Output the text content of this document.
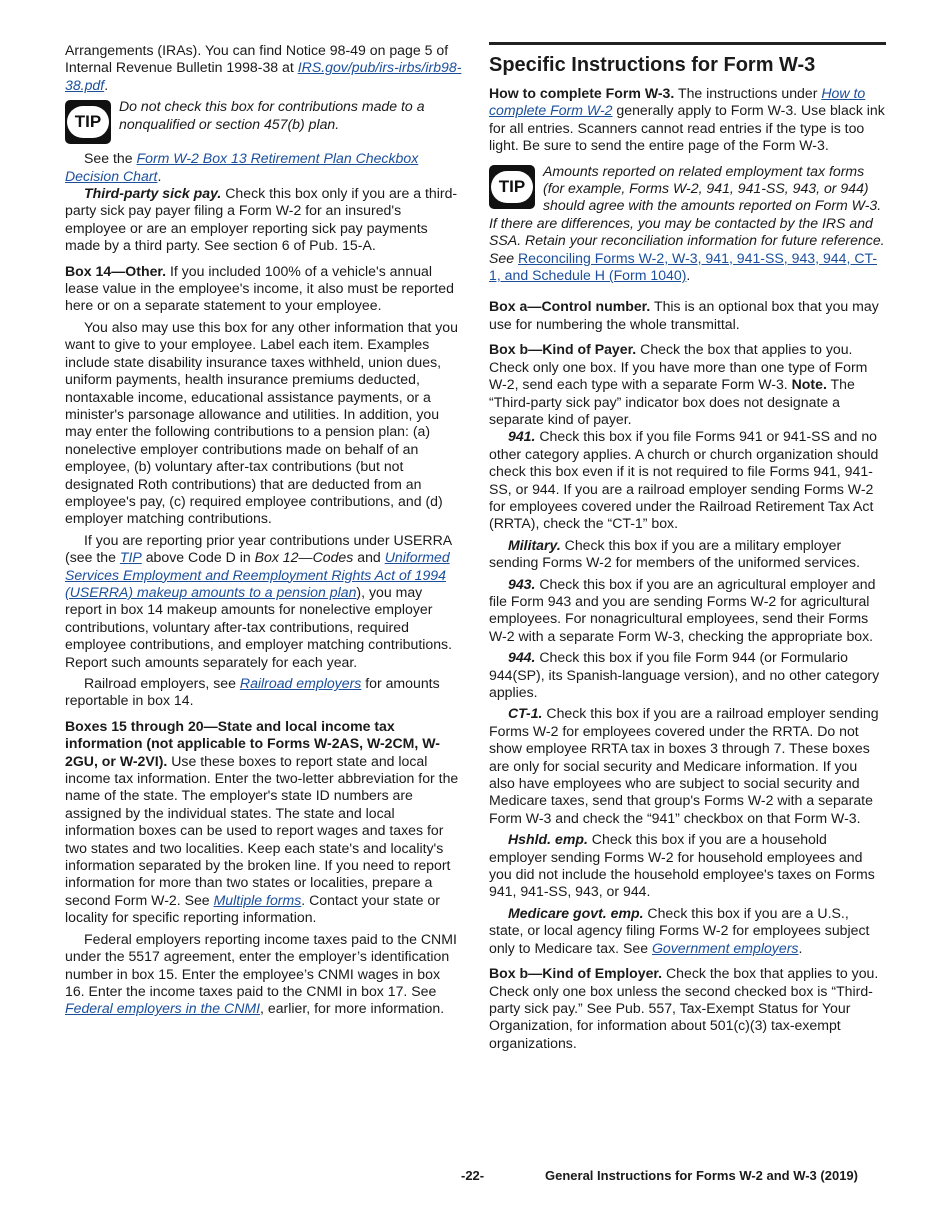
Arrangements (IRAs). You can find Notice 98-49 on page 5 of Internal Revenue Bulletin 1998-38 at IRS.gov/pub/irs-irbs/irb98-38.pdf.

TIP

Do not check this box for contributions made to a nonqualified or section 457(b) plan.

See the Form W-2 Box 13 Retirement Plan Checkbox Decision Chart.

Third-party sick pay. Check this box only if you are a third-party sick pay payer filing a Form W-2 for an insured's employee or are an employer reporting sick pay payments made by a third party. See section 6 of Pub. 15-A.

Box 14—Other. If you included 100% of a vehicle's annual lease value in the employee's income, it also must be reported here or on a separate statement to your employee.

You also may use this box for any other information that you want to give to your employee. Label each item. Examples include state disability insurance taxes withheld, union dues, uniform payments, health insurance premiums deducted, nontaxable income, educational assistance payments, or a minister's parsonage allowance and utilities. In addition, you may enter the following contributions to a pension plan: (a) nonelective employer contributions made on behalf of an employee, (b) voluntary after-tax contributions (but not designated Roth contributions) that are deducted from an employee's pay, (c) required employee contributions, and (d) employer matching contributions.

If you are reporting prior year contributions under USERRA (see the TIP above Code D in Box 12—Codes and Uniformed Services Employment and Reemployment Rights Act of 1994 (USERRA) makeup amounts to a pension plan), you may report in box 14 makeup amounts for nonelective employer contributions, voluntary after-tax contributions, required employee contributions, and employer matching contributions. Report such amounts separately for each year.

Railroad employers, see Railroad employers for amounts reportable in box 14.

Boxes 15 through 20—State and local income tax information (not applicable to Forms W-2AS, W-2CM, W-2GU, or W-2VI). Use these boxes to report state and local income tax information. Enter the two-letter abbreviation for the name of the state. The employer's state ID numbers are assigned by the individual states. The state and local information boxes can be used to report wages and taxes for two states and two localities. Keep each state's and locality's information separated by the broken line. If you need to report information for more than two states or localities, prepare a second Form W-2. See Multiple forms. Contact your state or locality for specific reporting information.

Federal employers reporting income taxes paid to the CNMI under the 5517 agreement, enter the employer’s identification number in box 15. Enter the employee’s CNMI wages in box 16. Enter the income taxes paid to the CNMI in box 17. See Federal employers in the CNMI, earlier, for more information.

Specific Instructions for Form W-3

How to complete Form W-3. The instructions under How to complete Form W-2 generally apply to Form W-3. Use black ink for all entries. Scanners cannot read entries if the type is too light. Be sure to send the entire page of the Form W-3.

TIP

Amounts reported on related employment tax forms (for example, Forms W-2, 941, 941-SS, 943, or 944) should agree with the amounts reported on Form W-3. If there are differences, you may be contacted by the IRS and SSA. Retain your reconciliation information for future reference. See Reconciling Forms W-2, W-3, 941, 941-SS, 943, 944, CT-1, and Schedule H (Form 1040).

Box a—Control number. This is an optional box that you may use for numbering the whole transmittal.

Box b—Kind of Payer. Check the box that applies to you. Check only one box. If you have more than one type of Form W-2, send each type with a separate Form W-3. Note. The “Third-party sick pay” indicator box does not designate a separate kind of payer.

941. Check this box if you file Forms 941 or 941-SS and no other category applies. A church or church organization should check this box even if it is not required to file Forms 941, 941-SS, or 944. If you are a railroad employer sending Forms W-2 for employees covered under the Railroad Retirement Tax Act (RRTA), check the “CT-1” box.

Military. Check this box if you are a military employer sending Forms W-2 for members of the uniformed services.

943. Check this box if you are an agricultural employer and file Form 943 and you are sending Forms W-2 for agricultural employees. For nonagricultural employees, send their Forms W-2 with a separate Form W-3, checking the appropriate box.

944. Check this box if you file Form 944 (or Formulario 944(SP), its Spanish-language version), and no other category applies.

CT-1. Check this box if you are a railroad employer sending Forms W-2 for employees covered under the RRTA. Do not show employee RRTA tax in boxes 3 through 7. These boxes are only for social security and Medicare information. If you also have employees who are subject to social security and Medicare taxes, send that group's Forms W-2 with a separate Form W-3 and check the “941” checkbox on that Form W-3.

Hshld. emp. Check this box if you are a household employer sending Forms W-2 for household employees and you did not include the household employee's taxes on Forms 941, 941-SS, 943, or 944.

Medicare govt. emp. Check this box if you are a U.S., state, or local agency filing Forms W-2 for employees subject only to Medicare tax. See Government employers.

Box b—Kind of Employer. Check the box that applies to you. Check only one box unless the second checked box is “Third-party sick pay.” See Pub. 557, Tax-Exempt Status for Your Organization, for information about 501(c)(3) tax-exempt organizations.

-22-	General Instructions for Forms W-2 and W-3 (2019)
